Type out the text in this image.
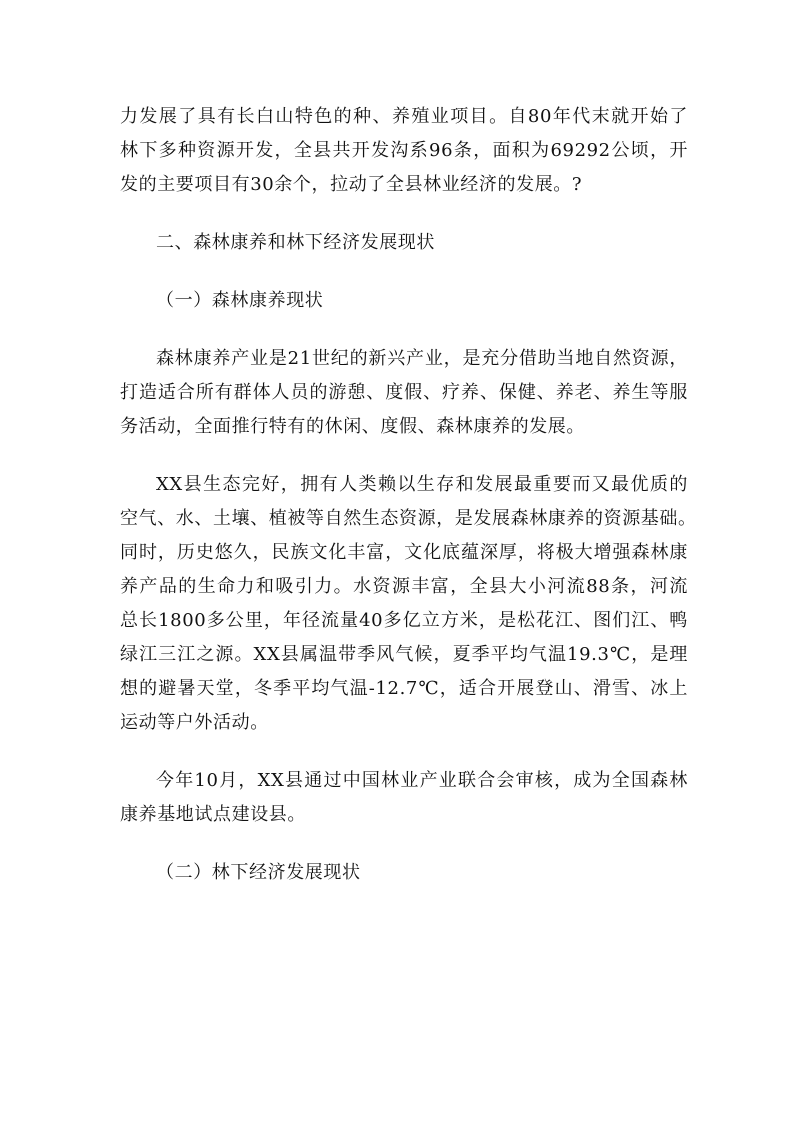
力发展了具有长白山特色的种、养殖业项目。自80年代末就开始了
林下多种资源开发，全县共开发沟系96条，面积为69292公顷，开
发的主要项目有30余个，拉动了全县林业经济的发展。?
二、森林康养和林下经济发展现状
（一）森林康养现状
森林康养产业是21世纪的新兴产业，是充分借助当地自然资源，
打造适合所有群体人员的游憩、度假、疗养、保健、养老、养生等服
务活动，全面推行特有的休闲、度假、森林康养的发展。
XX县生态完好，拥有人类赖以生存和发展最重要而又最优质的
空气、水、土壤、植被等自然生态资源，是发展森林康养的资源基础。
同时，历史悠久，民族文化丰富，文化底蕴深厚，将极大增强森林康
养产品的生命力和吸引力。水资源丰富，全县大小河流88条，河流
总长1800多公里，年径流量40多亿立方米，是松花江、图们江、鸭
绿江三江之源。XX县属温带季风气候，夏季平均气温19.3℃，是理
想的避暑天堂，冬季平均气温-12.7℃，适合开展登山、滑雪、冰上
运动等户外活动。
今年10月，XX县通过中国林业产业联合会审核，成为全国森林
康养基地试点建设县。
（二）林下经济发展现状
